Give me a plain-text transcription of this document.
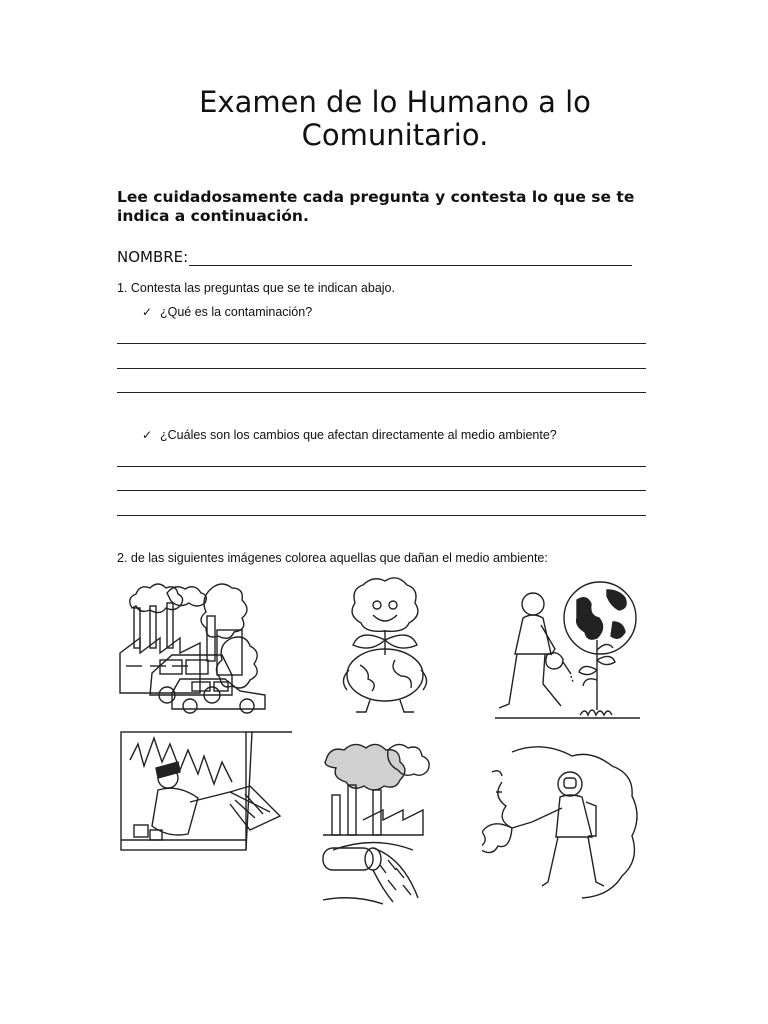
Examen de lo Humano a lo
Comunitario.
Lee cuidadosamente cada pregunta y contesta lo que se te indica a continuación.
NOMBRE:
1. Contesta las preguntas que se te indican abajo.
✓ ¿Qué es la contaminación?
✓ ¿Cuáles son los cambios que afectan directamente al medio ambiente?
2. de las siguientes imágenes colorea aquellas que dañan el medio ambiente:
